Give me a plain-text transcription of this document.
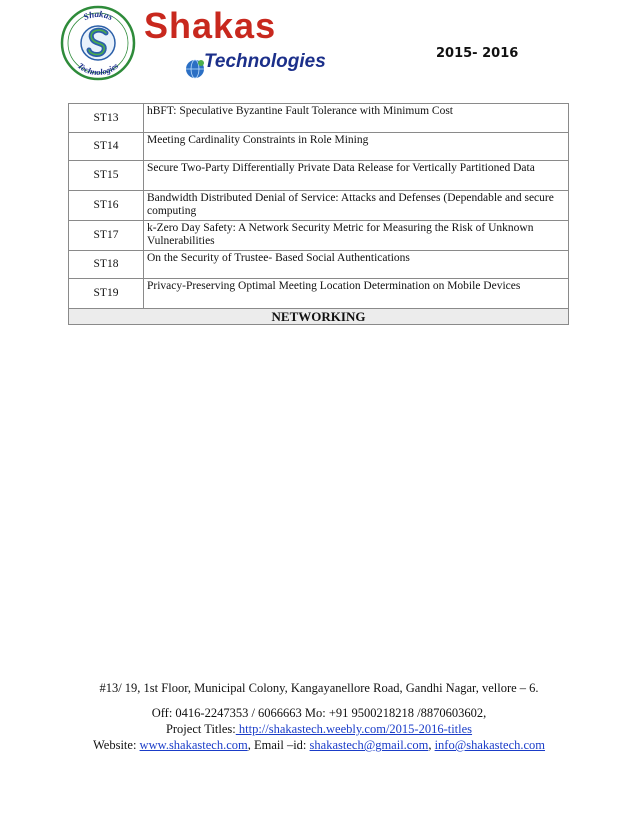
Shakas
Technologies
Shakas
Technologies	2015- 2016
ST13	hBFT: Speculative Byzantine Fault Tolerance with Minimum Cost
ST14	Meeting Cardinality Constraints in Role Mining
ST15	Secure Two-Party Differentially Private Data Release for Vertically Partitioned Data
ST16	Bandwidth Distributed Denial of Service: Attacks and Defenses (Dependable and secure computing
ST17	k-Zero Day Safety: A Network Security Metric for Measuring the Risk of Unknown Vulnerabilities
ST18	On the Security of Trustee- Based Social Authentications
ST19	Privacy-Preserving Optimal Meeting Location Determination on Mobile Devices
NETWORKING	
#13/ 19, 1st Floor, Municipal Colony, Kangayanellore Road, Gandhi Nagar, vellore – 6.
Off: 0416-2247353 / 6066663 Mo: +91 9500218218 /8870603602,
Project Titles: http://shakastech.weebly.com/2015-2016-titles
Website: www.shakastech.com, Email –id: shakastech@gmail.com, info@shakastech.com
